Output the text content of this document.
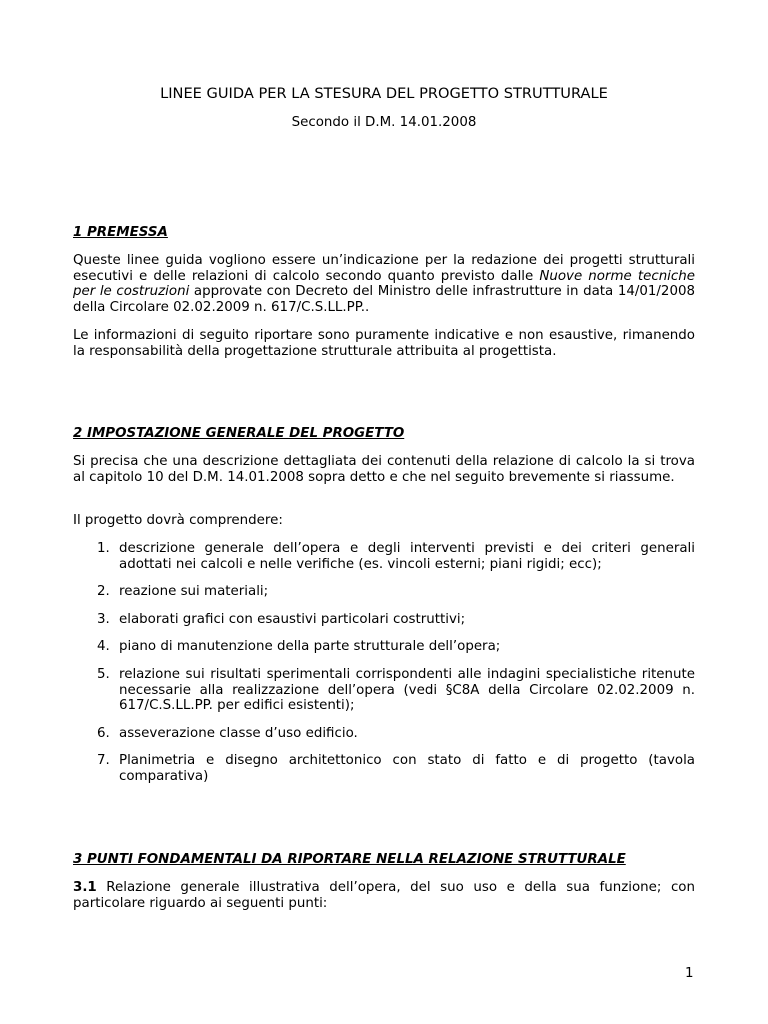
LINEE GUIDA PER LA STESURA DEL PROGETTO STRUTTURALE
Secondo il D.M. 14.01.2008
1 PREMESSA
Queste linee guida vogliono essere un’indicazione per la redazione dei progetti strutturali esecutivi e delle relazioni di calcolo secondo quanto previsto dalle Nuove norme tecniche per le costruzioni approvate con Decreto del Ministro delle infrastrutture in data 14/01/2008 della Circolare 02.02.2009 n. 617/C.S.LL.PP..
Le informazioni di seguito riportare sono puramente indicative e non esaustive, rimanendo la responsabilità della progettazione strutturale attribuita al progettista.
2 IMPOSTAZIONE GENERALE DEL PROGETTO
Si precisa che una descrizione dettagliata dei contenuti della relazione di calcolo la si trova al capitolo 10 del D.M. 14.01.2008 sopra detto e che nel seguito brevemente si riassume.
Il progetto dovrà comprendere:
1. descrizione generale dell’opera e degli interventi previsti e dei criteri generali adottati nei calcoli e nelle verifiche (es. vincoli esterni; piani rigidi; ecc);
2. reazione sui materiali;
3. elaborati grafici con esaustivi particolari costruttivi;
4. piano di manutenzione della parte strutturale dell’opera;
5. relazione sui risultati sperimentali corrispondenti alle indagini specialistiche ritenute necessarie alla realizzazione dell’opera (vedi §C8A della Circolare 02.02.2009 n. 617/C.S.LL.PP. per edifici esistenti);
6. asseverazione classe d’uso edificio.
7. Planimetria e disegno architettonico con stato di fatto e di progetto (tavola comparativa)
3 PUNTI FONDAMENTALI DA RIPORTARE NELLA RELAZIONE STRUTTURALE
3.1 Relazione generale illustrativa dell’opera, del suo uso e della sua funzione; con particolare riguardo ai seguenti punti:
1
